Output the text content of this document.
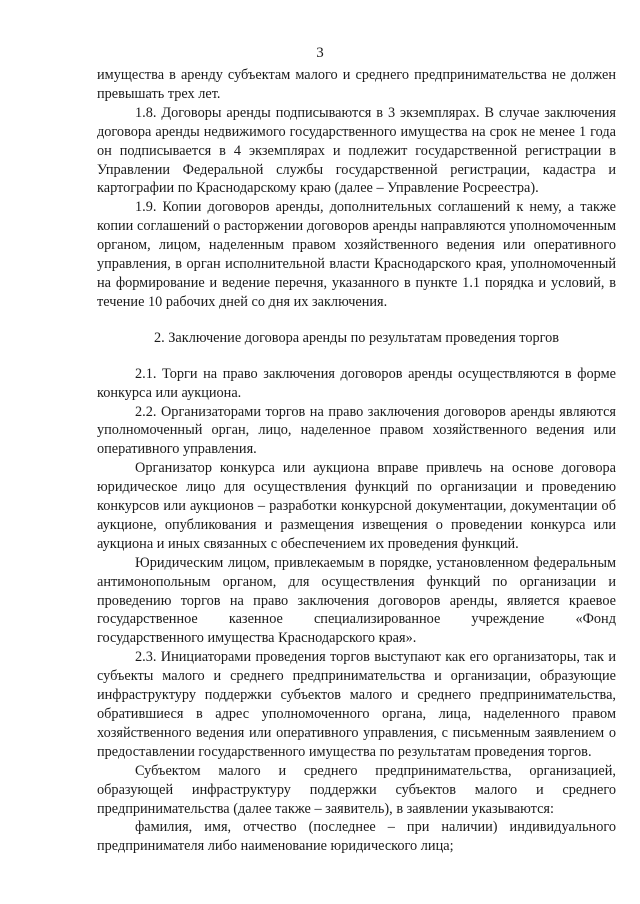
3

имущества в аренду субъектам малого и среднего предпринимательства не должен превышать трех лет.

1.8. Договоры аренды подписываются в 3 экземплярах. В случае заключения договора аренды недвижимого государственного имущества на срок не менее 1 года он подписывается в 4 экземплярах и подлежит государственной регистрации в Управлении Федеральной службы государственной регистрации, кадастра и картографии по Краснодарскому краю (далее – Управление Росреестра).

1.9. Копии договоров аренды, дополнительных соглашений к нему, а также копии соглашений о расторжении договоров аренды направляются уполномоченным органом, лицом, наделенным правом хозяйственного ведения или оперативного управления, в орган исполнительной власти Краснодарского края, уполномоченный на формирование и ведение перечня, указанного в пункте 1.1 порядка и условий, в течение 10 рабочих дней со дня их заключения.

2. Заключение договора аренды по результатам проведения торгов

2.1. Торги на право заключения договоров аренды осуществляются в форме конкурса или аукциона.

2.2. Организаторами торгов на право заключения договоров аренды являются уполномоченный орган, лицо, наделенное правом хозяйственного ведения или оперативного управления.

Организатор конкурса или аукциона вправе привлечь на основе договора юридическое лицо для осуществления функций по организации и проведению конкурсов или аукционов – разработки конкурсной документации, документации об аукционе, опубликования и размещения извещения о проведении конкурса или аукциона и иных связанных с обеспечением их проведения функций.

Юридическим лицом, привлекаемым в порядке, установленном федеральным антимонопольным органом, для осуществления функций по организации и проведению торгов на право заключения договоров аренды, является краевое государственное казенное специализированное учреждение «Фонд государственного имущества Краснодарского края».

2.3. Инициаторами проведения торгов выступают как его организаторы, так и субъекты малого и среднего предпринимательства и организации, образующие инфраструктуру поддержки субъектов малого и среднего предпринимательства, обратившиеся в адрес уполномоченного органа, лица, наделенного правом хозяйственного ведения или оперативного управления, с письменным заявлением о предоставлении государственного имущества по результатам проведения торгов.

Субъектом малого и среднего предпринимательства, организацией, образующей инфраструктуру поддержки субъектов малого и среднего предпринимательства (далее также – заявитель), в заявлении указываются:

фамилия, имя, отчество (последнее – при наличии) индивидуального предпринимателя либо наименование юридического лица;
